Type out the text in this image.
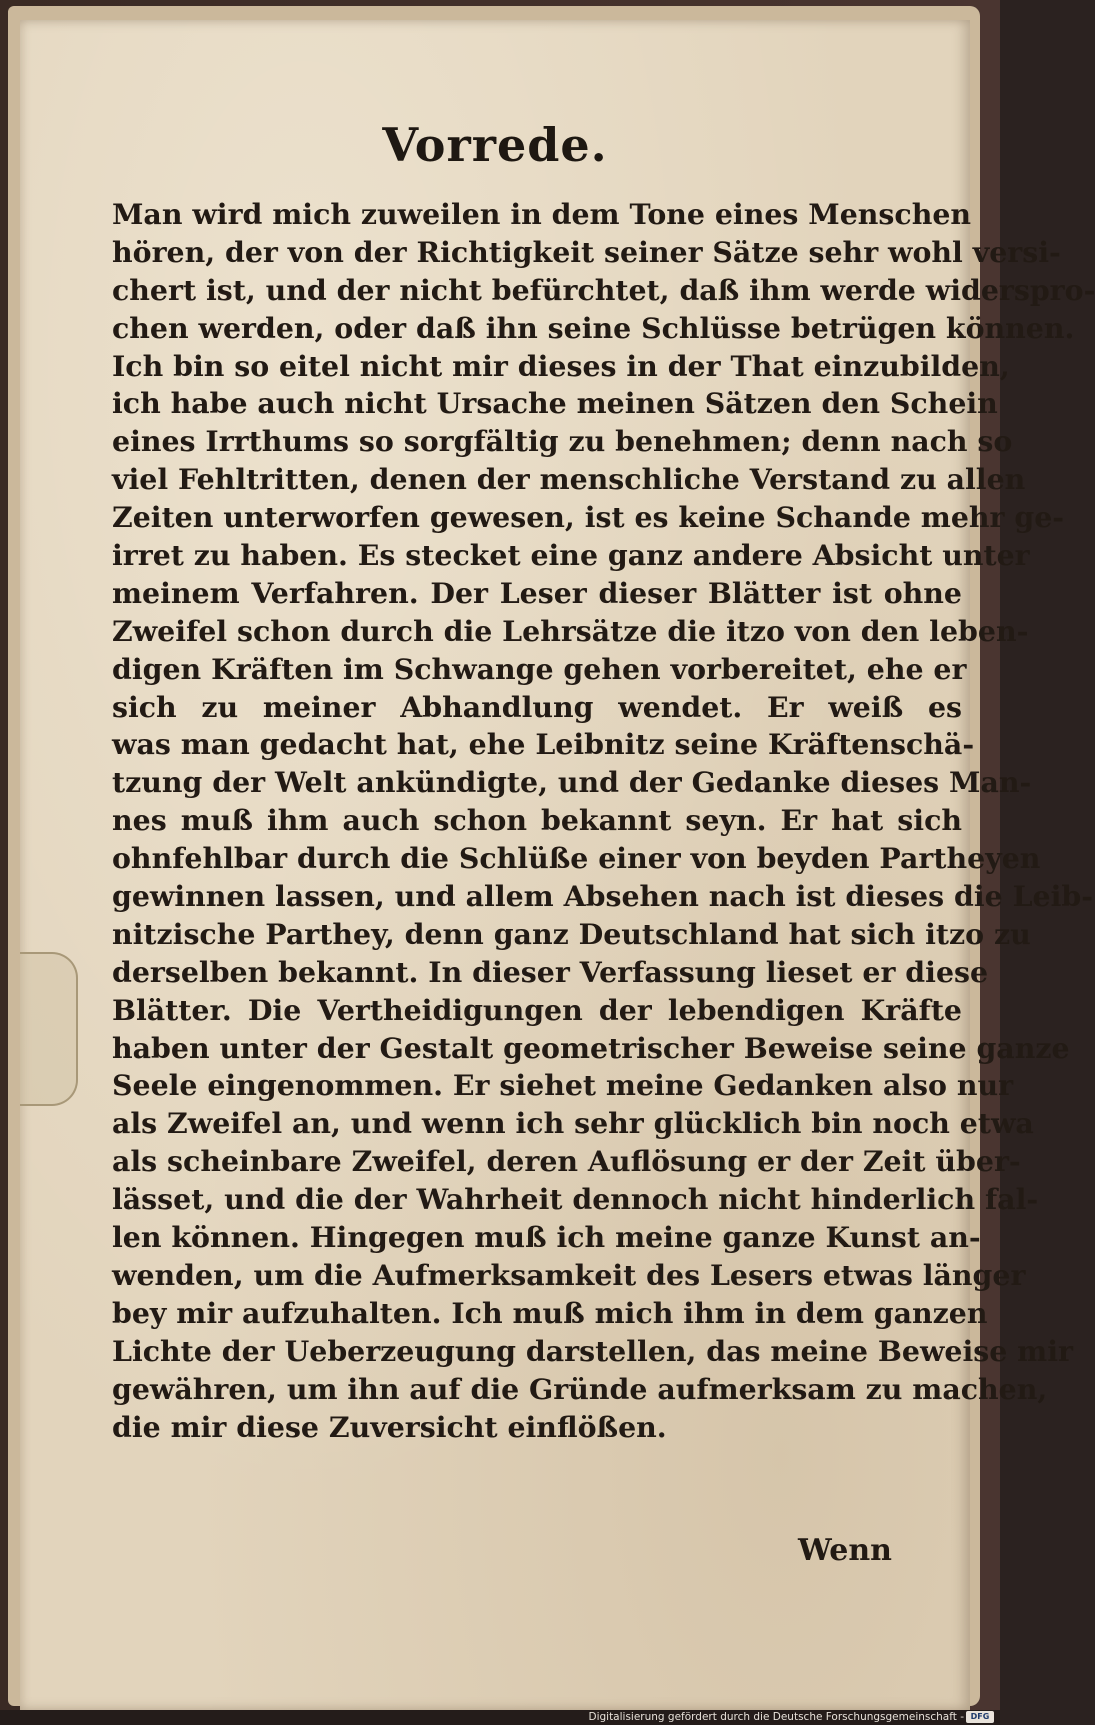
Vorrede.
Man wird mich zuweilen in dem Tone eines Menschen
hören, der von der Richtigkeit seiner Sätze sehr wohl versi-
chert ist, und der nicht befürchtet, daß ihm werde widerspro-
chen werden, oder daß ihn seine Schlüsse betrügen können.
Ich bin so eitel nicht mir dieses in der That einzubilden,
ich habe auch nicht Ursache meinen Sätzen den Schein
eines Irrthums so sorgfältig zu benehmen; denn nach so
viel Fehltritten, denen der menschliche Verstand zu allen
Zeiten unterworfen gewesen, ist es keine Schande mehr ge-
irret zu haben. Es stecket eine ganz andere Absicht unter
meinem Verfahren. Der Leser dieser Blätter ist ohne
Zweifel schon durch die Lehrsätze die itzo von den leben-
digen Kräften im Schwange gehen vorbereitet, ehe er
sich zu meiner Abhandlung wendet. Er weiß es
was man gedacht hat, ehe Leibnitz seine Kräftenschä-
tzung der Welt ankündigte, und der Gedanke dieses Man-
nes muß ihm auch schon bekannt seyn. Er hat sich
ohnfehlbar durch die Schlüße einer von beyden Partheyen
gewinnen lassen, und allem Absehen nach ist dieses die Leib-
nitzische Parthey, denn ganz Deutschland hat sich itzo zu
derselben bekannt. In dieser Verfassung lieset er diese
Blätter. Die Vertheidigungen der lebendigen Kräfte
haben unter der Gestalt geometrischer Beweise seine ganze
Seele eingenommen. Er siehet meine Gedanken also nur
als Zweifel an, und wenn ich sehr glücklich bin noch etwa
als scheinbare Zweifel, deren Auflösung er der Zeit über-
lässet, und die der Wahrheit dennoch nicht hinderlich fal-
len können. Hingegen muß ich meine ganze Kunst an-
wenden, um die Aufmerksamkeit des Lesers etwas länger
bey mir aufzuhalten. Ich muß mich ihm in dem ganzen
Lichte der Ueberzeugung darstellen, das meine Beweise mir
gewähren, um ihn auf die Gründe aufmerksam zu machen,
die mir diese Zuversicht einflößen.
Wenn
Digitalisierung gefördert durch die Deutsche Forschungsgemeinschaft - DFG
